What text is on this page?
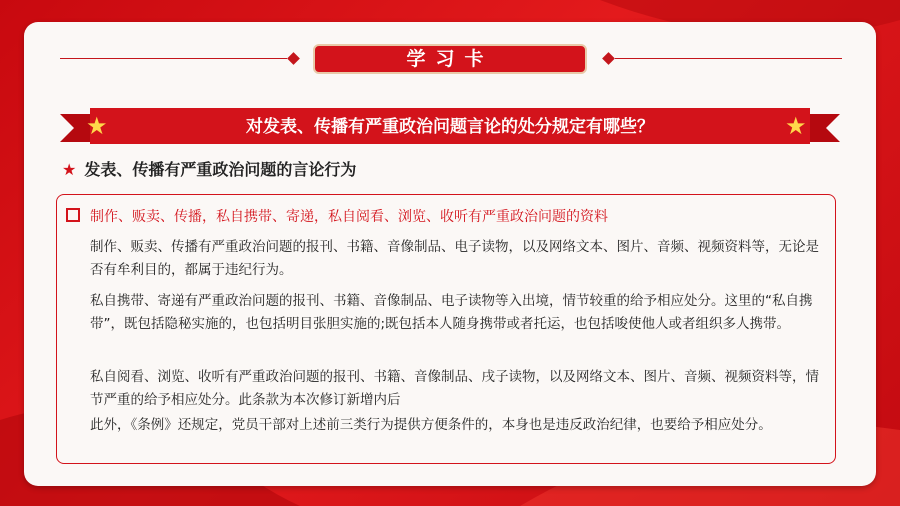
学习卡
★	对发表、传播有严重政治问题言论的处分规定有哪些？	★
★ 发表、传播有严重政治问题的言论行为
制作、贩卖、传播，私自携带、寄递，私自阅看、浏览、收听有严重政治问题的资料
制作、贩卖、传播有严重政治问题的报刊、书籍、音像制品、电子读物，以及网络文本、图片、音频、视频资料等，无论是否有牟利目的，都属于违纪行为。
私自携带、寄递有严重政治问题的报刊、书籍、音像制品、电子读物等入出境，情节较重的给予相应处分。这里的“私自携带”，既包括隐秘实施的，也包括明目张胆实施的;既包括本人随身携带或者托运，也包括唆使他人或者组织多人携带。
私自阅看、浏览、收听有严重政治问题的报刊、书籍、音像制品、戌子读物，以及网络文本、图片、音频、视频资料等，情节严重的给予相应处分。此条款为本次修订新增内后
此外，《条例》还规定，党员干部对上述前三类行为提供方便条件的，本身也是违反政治纪律，也要给予相应处分。
